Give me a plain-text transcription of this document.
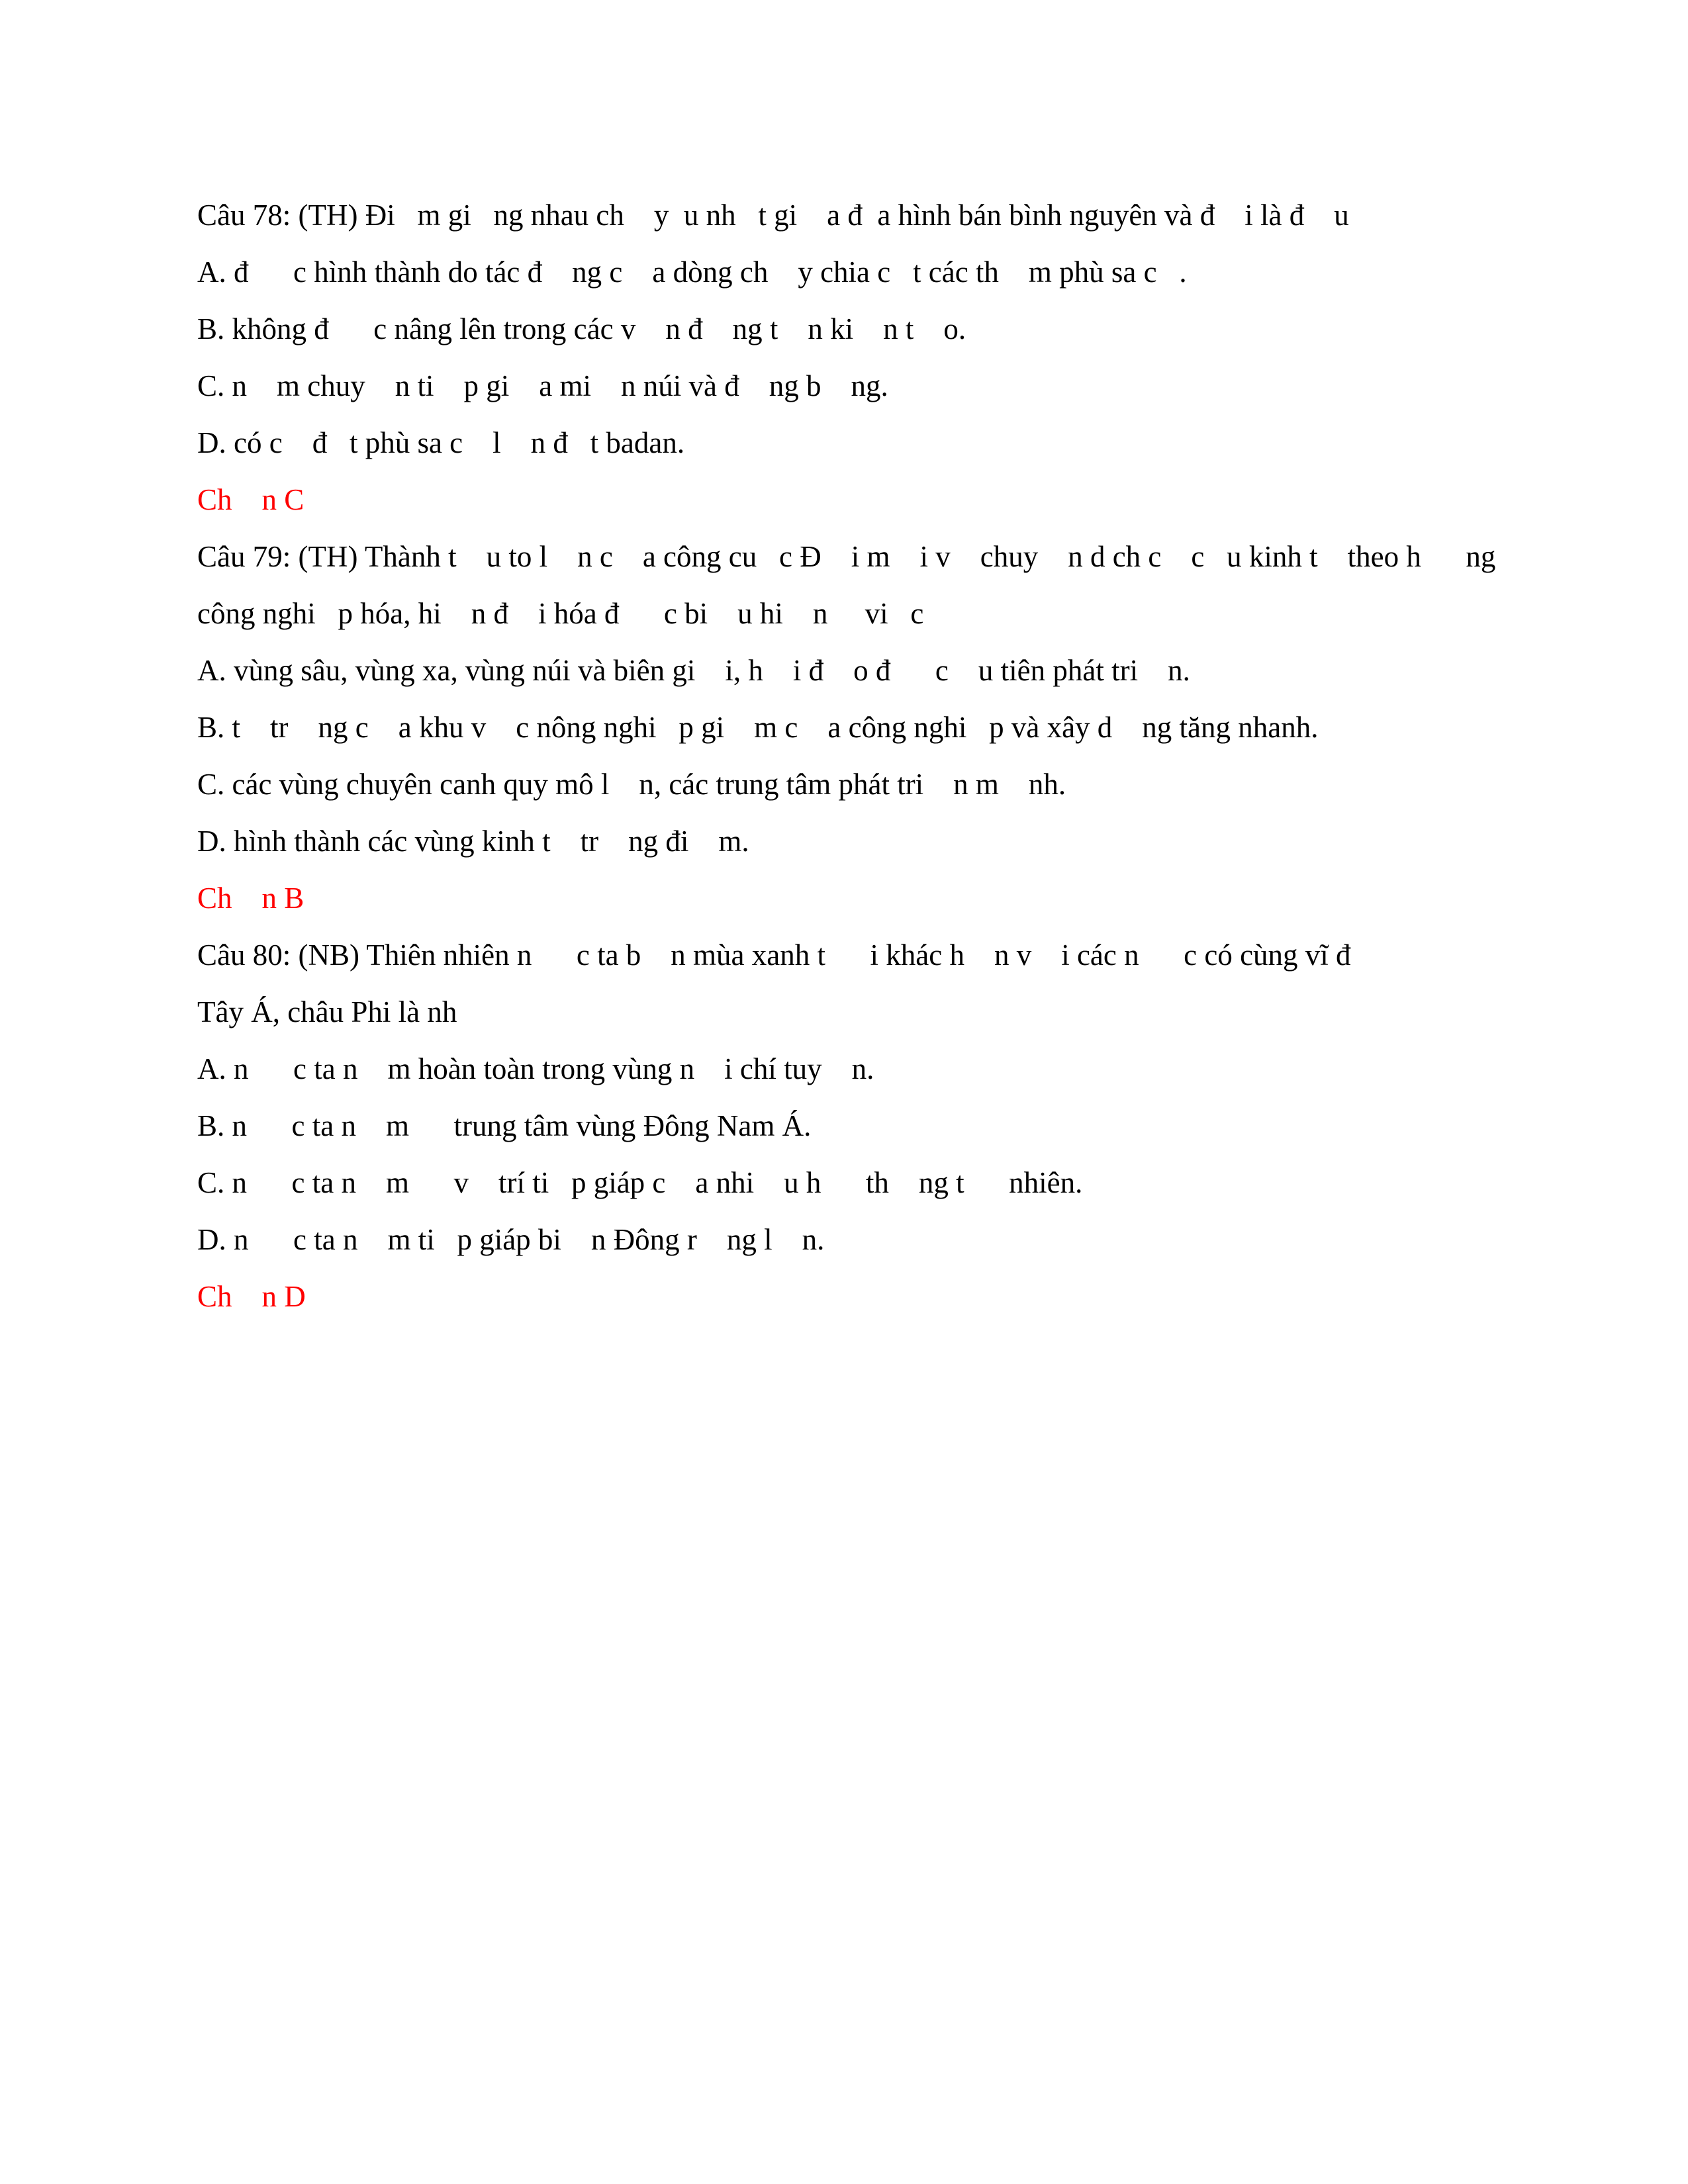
Câu 78: (TH) Đi   m gi   ng nhau ch    y  u nh   t gi    a đ  a hình bán bình nguyên và đ    i là đ    u
A. đ      c hình thành do tác đ    ng c    a dòng ch    y chia c   t các th    m phù sa c   .
B. không đ      c nâng lên trong các v    n đ    ng t    n ki    n t    o.
C. n    m chuy    n ti    p gi    a mi    n núi và đ    ng b    ng.
D. có c    đ   t phù sa c    l    n đ   t badan.
Ch    n C
Câu 79: (TH) Thành t    u to l    n c    a công cu   c Đ    i m    i v    chuy    n d ch c    c   u kinh t    theo h      ng
công nghi   p hóa, hi    n đ    i hóa đ      c bi    u hi    n     vi   c
A. vùng sâu, vùng xa, vùng núi và biên gi    i, h    i đ    o đ      c    u tiên phát tri    n.
B. t    tr    ng c    a khu v    c nông nghi   p gi    m c    a công nghi   p và xây d    ng tăng nhanh.
C. các vùng chuyên canh quy mô l    n, các trung tâm phát tri    n m    nh.
D. hình thành các vùng kinh t    tr    ng đi    m.
Ch    n B
Câu 80: (NB) Thiên nhiên n      c ta b    n mùa xanh t      i khác h    n v    i các n      c có cùng vĩ đ
Tây Á, châu Phi là nh
A. n      c ta n    m hoàn toàn trong vùng n    i chí tuy    n.
B. n      c ta n    m      trung tâm vùng Đông Nam Á.
C. n      c ta n    m      v    trí ti   p giáp c    a nhi    u h      th    ng t      nhiên.
D. n      c ta n    m ti   p giáp bi    n Đông r    ng l    n.
Ch    n D
